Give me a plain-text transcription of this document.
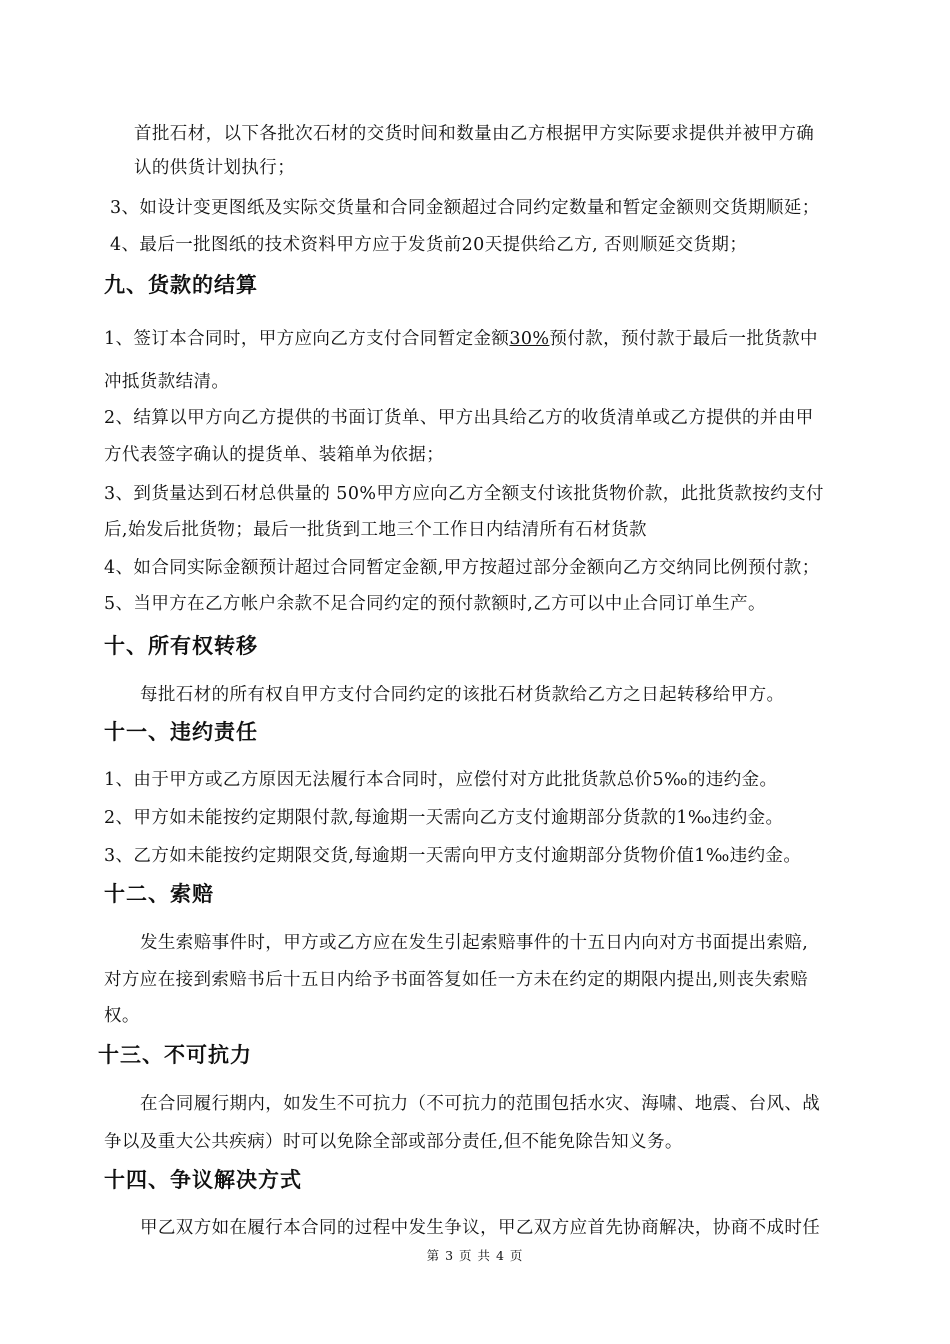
首批石材，以下各批次石材的交货时间和数量由乙方根据甲方实际要求提供并被甲方确
认的供货计划执行；
3、如设计变更图纸及实际交货量和合同金额超过合同约定数量和暂定金额则交货期顺延；
4、最后一批图纸的技术资料甲方应于发货前20天提供给乙方, 否则顺延交货期；
九、货款的结算
1、签订本合同时，甲方应向乙方支付合同暂定金额30%预付款，预付款于最后一批货款中
冲抵货款结清。
2、结算以甲方向乙方提供的书面订货单、甲方出具给乙方的收货清单或乙方提供的并由甲
方代表签字确认的提货单、装箱单为依据；
3、到货量达到石材总供量的 50%甲方应向乙方全额支付该批货物价款，此批货款按约支付
后,始发后批货物；最后一批货到工地三个工作日内结清所有石材货款
4、如合同实际金额预计超过合同暂定金额,甲方按超过部分金额向乙方交纳同比例预付款；
5、当甲方在乙方帐户余款不足合同约定的预付款额时,乙方可以中止合同订单生产。
十、所有权转移
每批石材的所有权自甲方支付合同约定的该批石材货款给乙方之日起转移给甲方。
十一、违约责任
1、由于甲方或乙方原因无法履行本合同时，应偿付对方此批货款总价5‰的违约金。
2、甲方如未能按约定期限付款,每逾期一天需向乙方支付逾期部分货款的1‰违约金。
3、乙方如未能按约定期限交货,每逾期一天需向甲方支付逾期部分货物价值1‰违约金。
十二、索赔
发生索赔事件时，甲方或乙方应在发生引起索赔事件的十五日内向对方书面提出索赔,
对方应在接到索赔书后十五日内给予书面答复如任一方未在约定的期限内提出,则丧失索赔
权。
十三、不可抗力
在合同履行期内，如发生不可抗力（不可抗力的范围包括水灾、海啸、地震、台风、战
争以及重大公共疾病）时可以免除全部或部分责任,但不能免除告知义务。
十四、争议解决方式
甲乙双方如在履行本合同的过程中发生争议，甲乙双方应首先协商解决，协商不成时任
第 3 页 共 4 页
